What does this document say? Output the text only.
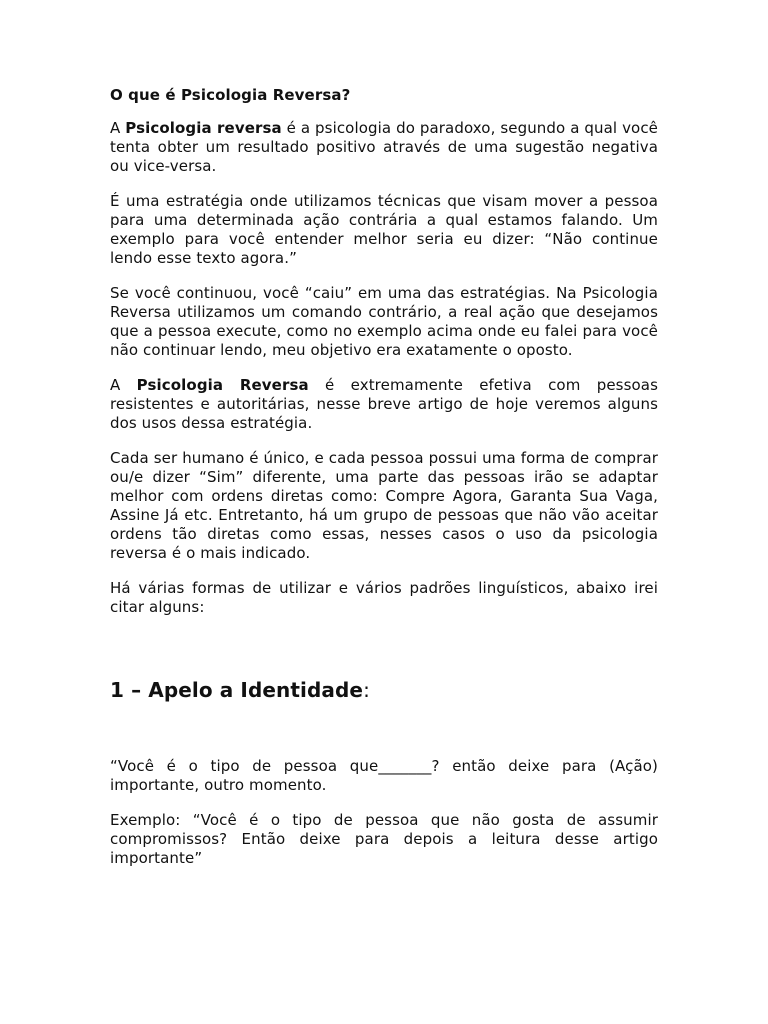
O que é Psicologia Reversa?

A Psicologia reversa é a psicologia do paradoxo, segundo a qual você tenta obter um resultado positivo através de uma sugestão negativa ou vice-versa.

É uma estratégia onde utilizamos técnicas que visam mover a pessoa para uma determinada ação contrária a qual estamos falando. Um exemplo para você entender melhor seria eu dizer: “Não continue lendo esse texto agora.”

Se você continuou, você “caiu” em uma das estratégias. Na Psicologia Reversa utilizamos um comando contrário, a real ação que desejamos que a pessoa execute, como no exemplo acima onde eu falei para você não continuar lendo, meu objetivo era exatamente o oposto.

A Psicologia Reversa é extremamente efetiva com pessoas resistentes e autoritárias, nesse breve artigo de hoje veremos alguns dos usos dessa estratégia.

Cada ser humano é único, e cada pessoa possui uma forma de comprar ou/e dizer “Sim” diferente, uma parte das pessoas irão se adaptar melhor com ordens diretas como: Compre Agora, Garanta Sua Vaga, Assine Já etc. Entretanto, há um grupo de pessoas que não vão aceitar ordens tão diretas como essas, nesses casos o uso da psicologia reversa é o mais indicado.

Há várias formas de utilizar e vários padrões linguísticos, abaixo irei citar alguns:

1 – Apelo a Identidade:

“Você é o tipo de pessoa que_______? então deixe para (Ação) importante, outro momento.

Exemplo: “Você é o tipo de pessoa que não gosta de assumir compromissos? Então deixe para depois a leitura desse artigo importante”
